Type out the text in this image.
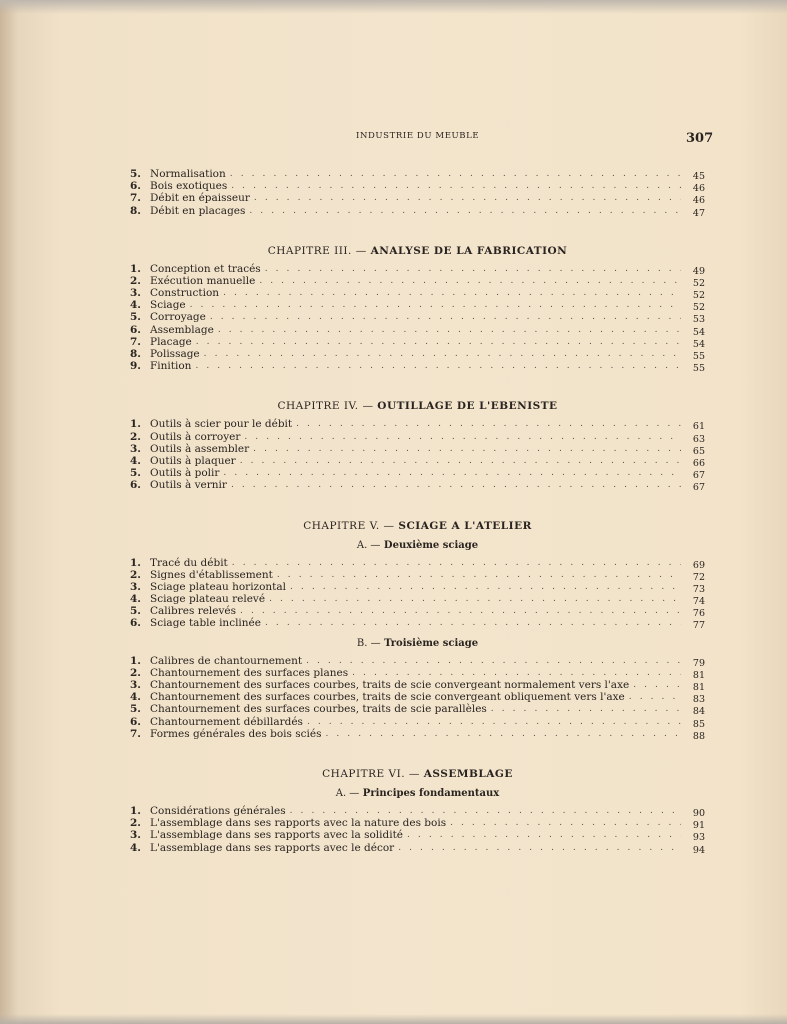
INDUSTRIE DU MEUBLE	307
5. Normalisation . . .	45
6. Bois exotiques . . .	46
7. Débit en épaisseur . . .	46
8. Débit en placages . . .	47
CHAPITRE III. — ANALYSE DE LA FABRICATION
1. Conception et tracés . . .	49
2. Exécution manuelle . . .	52
3. Construction . . .	52
4. Sciage . . .	52
5. Corroyage . . .	53
6. Assemblage . . .	54
7. Placage . . .	54
8. Polissage . . .	55
9. Finition . . .	55
CHAPITRE IV. — OUTILLAGE DE L'EBENISTE
1. Outils à scier pour le débit . . .	61
2. Outils à corroyer . . .	63
3. Outils à assembler . . .	65
4. Outils à plaquer . . .	66
5. Outils à polir . . .	67
6. Outils à vernir . . .	67
CHAPITRE V. — SCIAGE A L'ATELIER
A. — Deuxième sciage
1. Tracé du débit . . .	69
2. Signes d'établissement . . .	72
3. Sciage plateau horizontal . . .	73
4. Sciage plateau relevé . . .	74
5. Calibres relevés . . .	76
6. Sciage table inclinée . . .	77
B. — Troisième sciage
1. Calibres de chantournement . . .	79
2. Chantournement des surfaces planes . . .	81
3. Chantournement des surfaces courbes, traits de scie convergeant normalement vers l'axe . . .	81
4. Chantournement des surfaces courbes, traits de scie convergeant obliquement vers l'axe . . .	83
5. Chantournement des surfaces courbes, traits de scie parallèles . . .	84
6. Chantournement débillardés . . .	85
7. Formes générales des bois sciés . . .	88
CHAPITRE VI. — ASSEMBLAGE
A. — Principes fondamentaux
1. Considérations générales . . .	90
2. L'assemblage dans ses rapports avec la nature des bois . . .	91
3. L'assemblage dans ses rapports avec la solidité . . .	93
4. L'assemblage dans ses rapports avec le décor . . .	94
